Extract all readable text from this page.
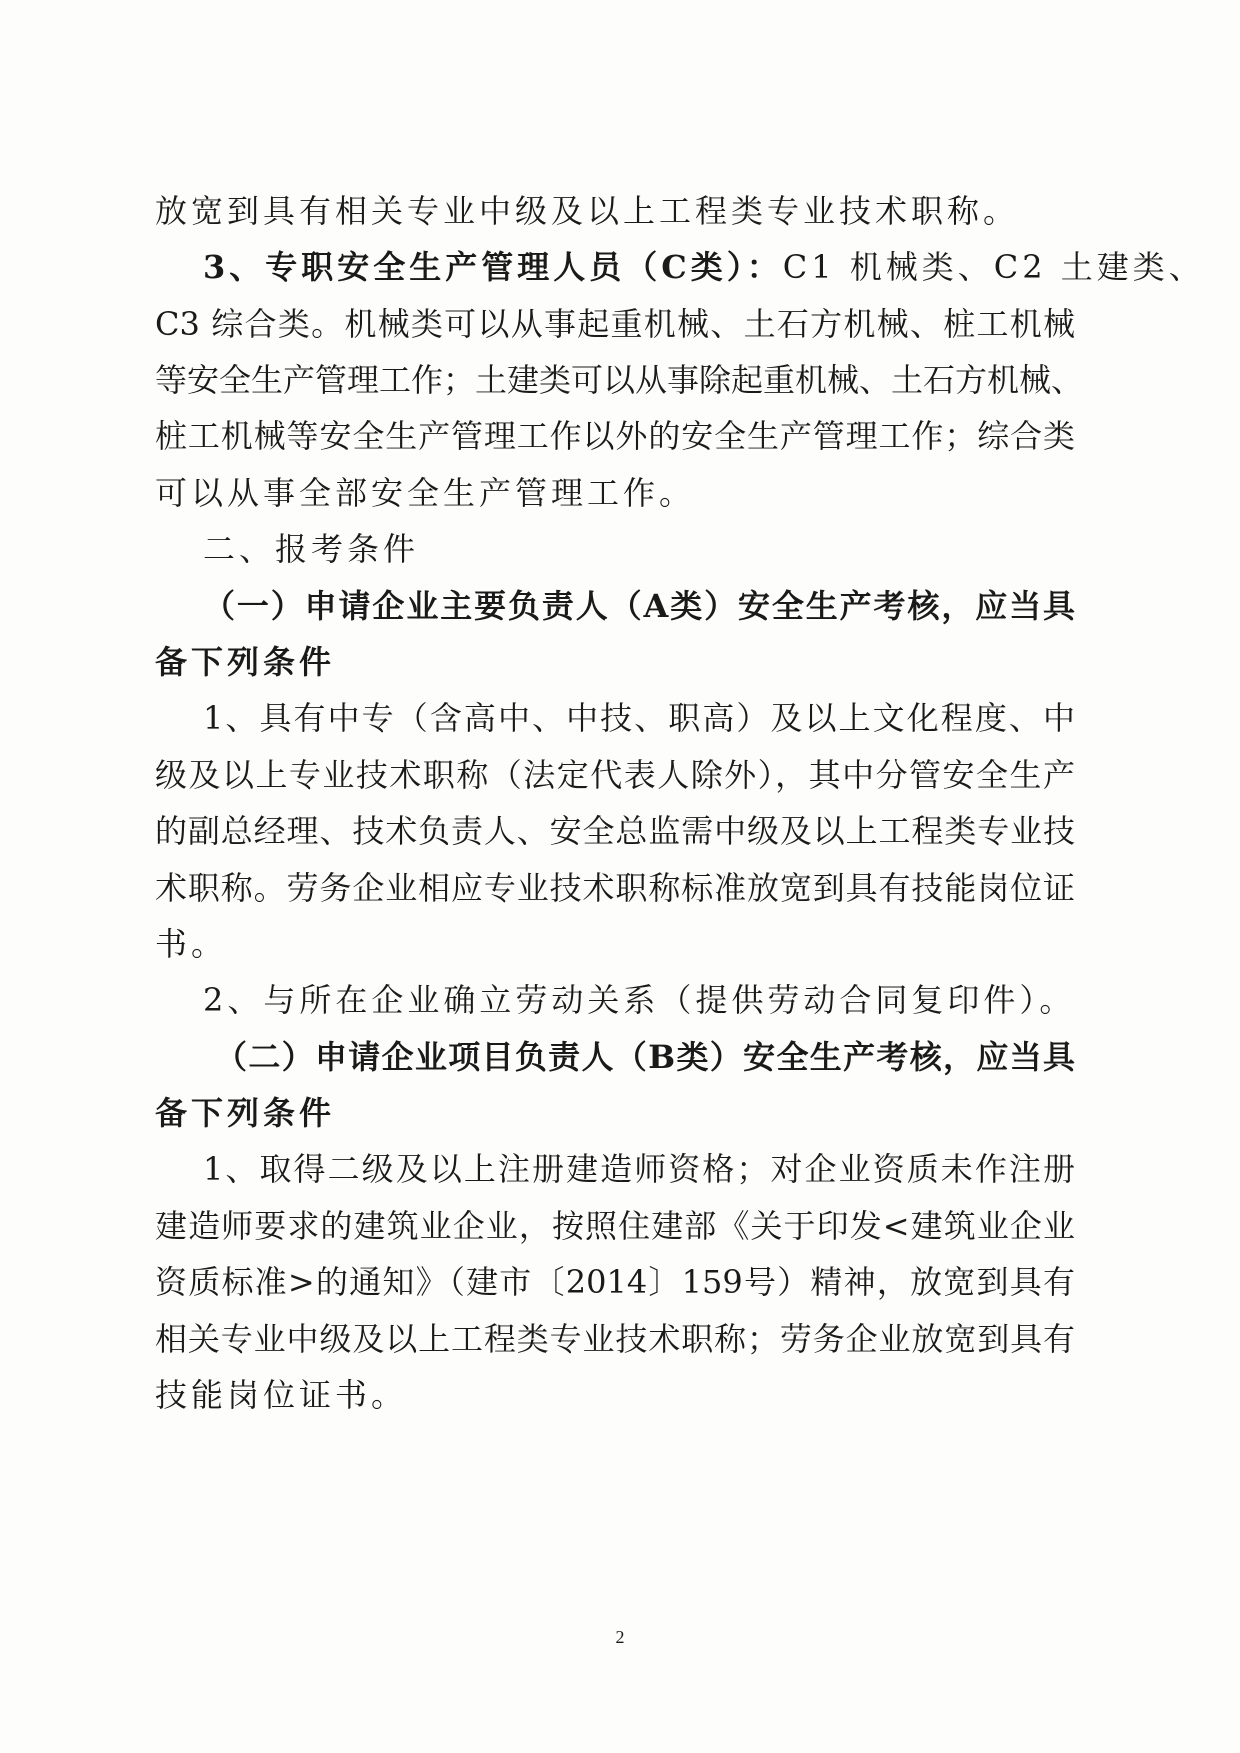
放宽到具有相关专业中级及以上工程类专业技术职称。
3、专职安全生产管理人员（C类）：C1 机械类、C2 土建类、
C3 综合类。机械类可以从事起重机械、土石方机械、桩工机械
等安全生产管理工作；土建类可以从事除起重机械、土石方机械、
桩工机械等安全生产管理工作以外的安全生产管理工作；综合类
可以从事全部安全生产管理工作。
二、报考条件
（一）申请企业主要负责人（A类）安全生产考核，应当具
备下列条件
1、具有中专（含高中、中技、职高）及以上文化程度、中
级及以上专业技术职称（法定代表人除外），其中分管安全生产
的副总经理、技术负责人、安全总监需中级及以上工程类专业技
术职称。劳务企业相应专业技术职称标准放宽到具有技能岗位证
书。
2、与所在企业确立劳动关系（提供劳动合同复印件）。
（二）申请企业项目负责人（B类）安全生产考核，应当具
备下列条件
1、取得二级及以上注册建造师资格；对企业资质未作注册
建造师要求的建筑业企业，按照住建部《关于印发<建筑业企业
资质标准>的通知》（建市〔2014〕159号）精神，放宽到具有
相关专业中级及以上工程类专业技术职称；劳务企业放宽到具有
技能岗位证书。
2
